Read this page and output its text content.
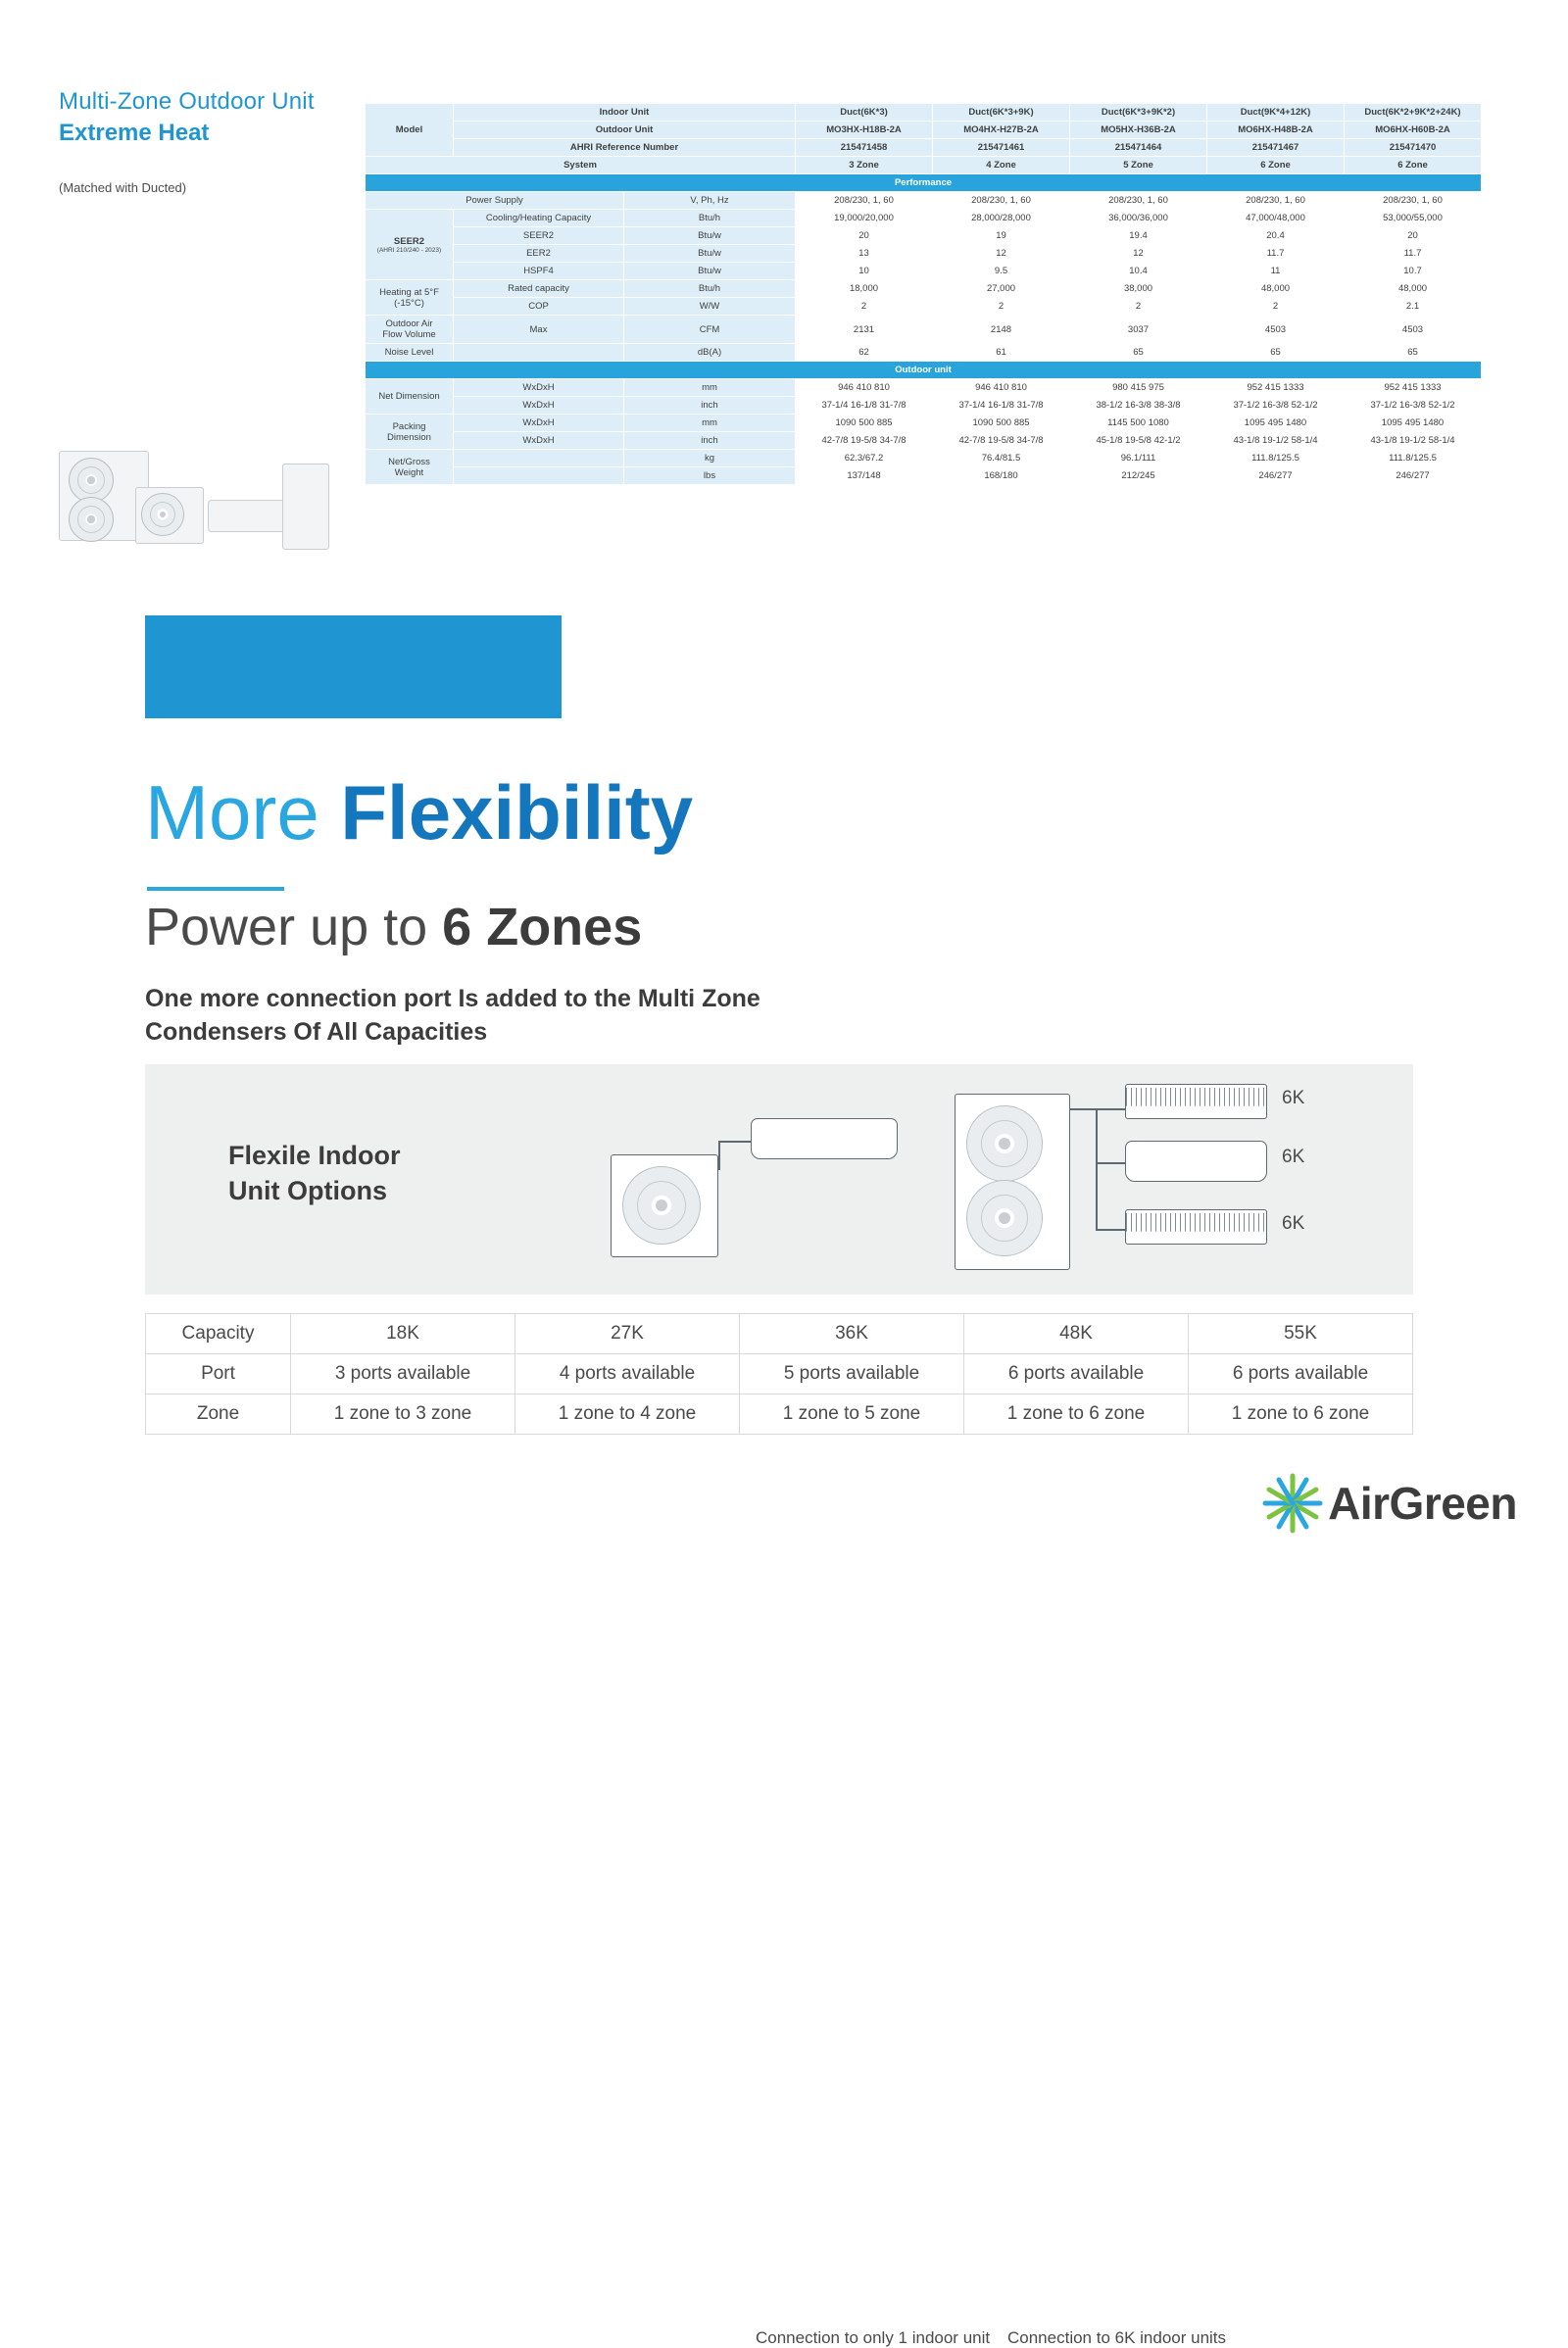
Multi-Zone Outdoor Unit
Extreme Heat
(Matched with Ducted)
Model	Indoor Unit		Duct(6K*3)	Duct(6K*3+9K)	Duct(6K*3+9K*2)	Duct(9K*4+12K)	Duct(6K*2+9K*2+24K)
	Outdoor Unit		MO3HX-H18B-2A	MO4HX-H27B-2A	MO5HX-H36B-2A	MO6HX-H48B-2A	MO6HX-H60B-2A
	AHRI Reference Number		215471458	215471461	215471464	215471467	215471470
System			3 Zone	4 Zone	5 Zone	6 Zone	6 Zone
Performance							
Power Supply		V, Ph, Hz	208/230, 1, 60	208/230, 1, 60	208/230, 1, 60	208/230, 1, 60	208/230, 1, 60
SEER2
(AHRI 210/240 - 2023)	Cooling/Heating Capacity	Btu/h	19,000/20,000	28,000/28,000	36,000/36,000	47,000/48,000	53,000/55,000
	SEER2	Btu/w	20	19	19.4	20.4	20
	EER2	Btu/w	13	12	12	11.7	11.7
	HSPF4	Btu/w	10	9.5	10.4	11	10.7
Heating at 5°F
(-15°C)	Rated capacity	Btu/h	18,000	27,000	38,000	48,000	48,000
	COP	W/W	2	2	2	2	2.1
Outdoor Air
Flow Volume	Max	CFM	2131	2148	3037	4503	4503
Noise Level		dB(A)	62	61	65	65	65
Outdoor unit							
Net Dimension	WxDxH	mm	946 410 810	946 410 810	980 415 975	952 415 1333	952 415 1333
	WxDxH	inch	37-1/4 16-1/8 31-7/8	37-1/4 16-1/8 31-7/8	38-1/2 16-3/8 38-3/8	37-1/2 16-3/8 52-1/2	37-1/2 16-3/8 52-1/2
Packing
Dimension	WxDxH	mm	1090 500 885	1090 500 885	1145 500 1080	1095 495 1480	1095 495 1480
	WxDxH	inch	42-7/8 19-5/8 34-7/8	42-7/8 19-5/8 34-7/8	45-1/8 19-5/8 42-1/2	43-1/8 19-1/2 58-1/4	43-1/8 19-1/2 58-1/4
Net/Gross
Weight		kg	62.3/67.2	76.4/81.5	96.1/111	111.8/125.5	111.8/125.5
		lbs	137/148	168/180	212/245	246/277	246/277
More Flexibility
Power up to 6 Zones
One more connection port Is added to the Multi Zone
Condensers Of All Capacities
Flexile Indoor
Unit Options
Connection to only 1 indoor unit
6K
6K
6K
Connection to 6K indoor units
Capacity	18K	27K	36K	48K	55K
Port	3 ports available	4 ports available	5 ports available	6 ports available	6 ports available
Zone	1 zone to 3 zone	1 zone to 4 zone	1 zone to 5 zone	1 zone to 6 zone	1 zone to 6 zone
AirGreen
